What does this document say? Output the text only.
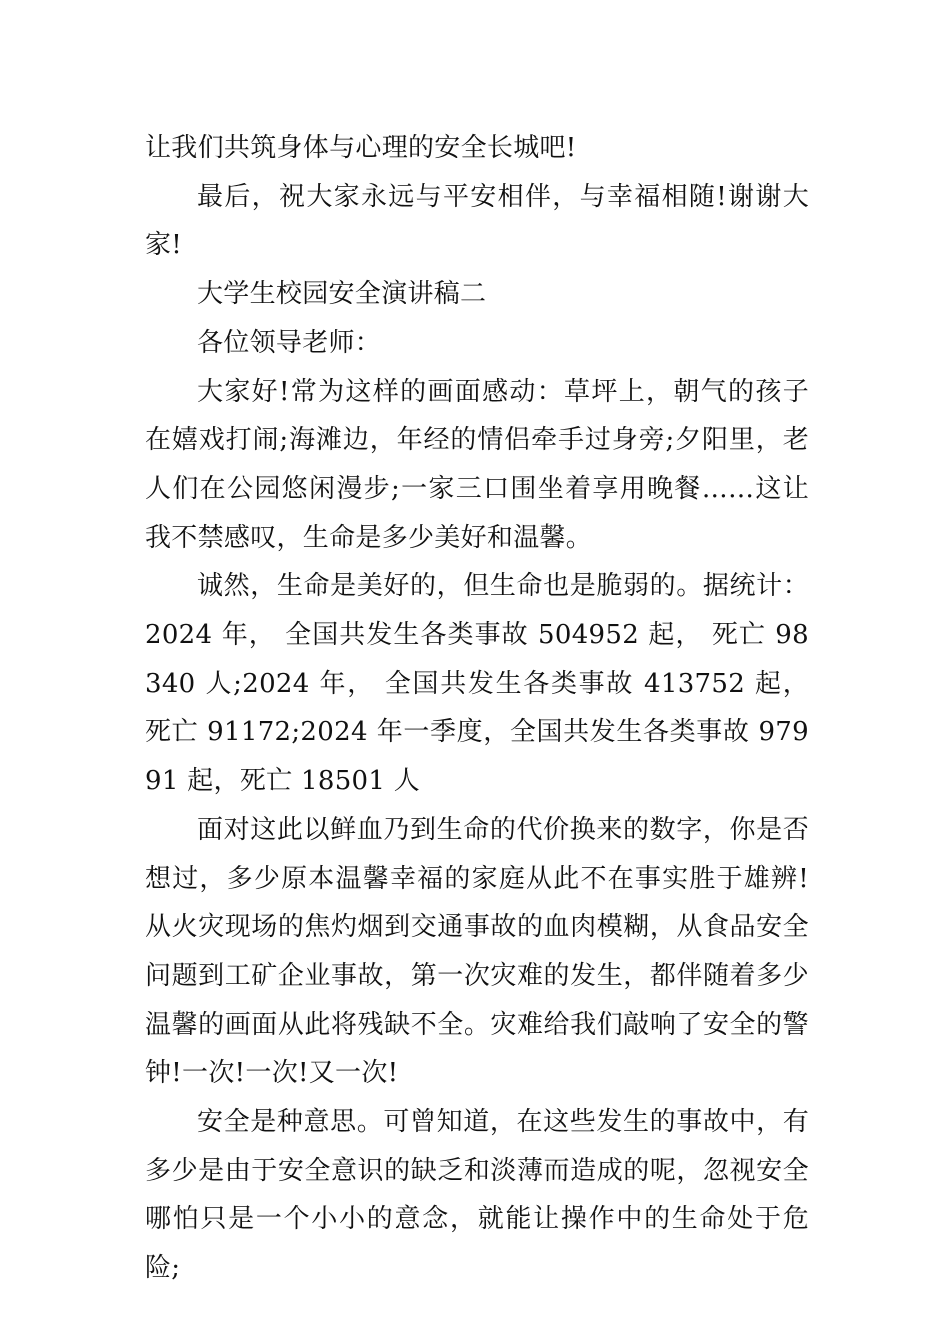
让我们共筑身体与心理的安全长城吧!

最后，祝大家永远与平安相伴，与幸福相随!谢谢大家!

大学生校园安全演讲稿二

各位领导老师：

大家好!常为这样的画面感动：草坪上，朝气的孩子在嬉戏打闹;海滩边，年经的情侣牵手过身旁;夕阳里，老人们在公园悠闲漫步;一家三口围坐着享用晚餐……这让我不禁感叹，生命是多少美好和温馨。

诚然，生命是美好的，但生命也是脆弱的。据统计：2024 年， 全国共发生各类事故 504952 起， 死亡 98340 人;2024 年， 全国共发生各类事故 413752 起， 死亡 91172;2024 年一季度，全国共发生各类事故 97991 起，死亡 18501 人

面对这此以鲜血乃到生命的代价换来的数字，你是否想过，多少原本温馨幸福的家庭从此不在事实胜于雄辨!从火灾现场的焦灼烟到交通事故的血肉模糊，从食品安全问题到工矿企业事故，第一次灾难的发生，都伴随着多少温馨的画面从此将残缺不全。灾难给我们敲响了安全的警钟!一次!一次!又一次!

安全是种意思。可曾知道，在这些发生的事故中，有多少是由于安全意识的缺乏和淡薄而造成的呢，忽视安全哪怕只是一个小小的意念，就能让操作中的生命处于危险;
